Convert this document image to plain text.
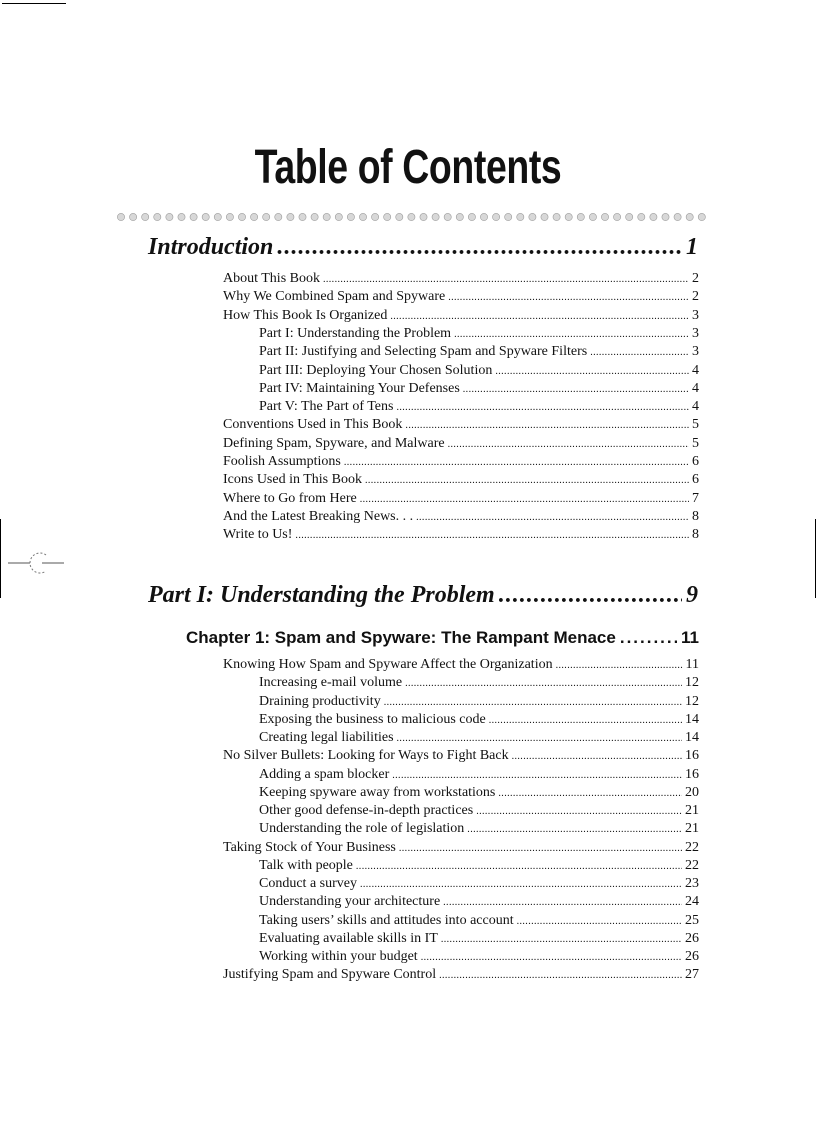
Table of Contents
Introduction .....	1
About This Book .....	2
Why We Combined Spam and Spyware .....	2
How This Book Is Organized .....	3
Part I: Understanding the Problem .....	3
Part II: Justifying and Selecting Spam and Spyware Filters .....	3
Part III: Deploying Your Chosen Solution .....	4
Part IV: Maintaining Your Defenses .....	4
Part V: The Part of Tens .....	4
Conventions Used in This Book .....	5
Defining Spam, Spyware, and Malware .....	5
Foolish Assumptions .....	6
Icons Used in This Book .....	6
Where to Go from Here .....	7
And the Latest Breaking News. . . .....	8
Write to Us! .....	8
Part I: Understanding the Problem .....	9
Chapter 1: Spam and Spyware: The Rampant Menace .....	11
Knowing How Spam and Spyware Affect the Organization .....	11
Increasing e-mail volume .....	12
Draining productivity .....	12
Exposing the business to malicious code .....	14
Creating legal liabilities .....	14
No Silver Bullets: Looking for Ways to Fight Back .....	16
Adding a spam blocker .....	16
Keeping spyware away from workstations .....	20
Other good defense-in-depth practices .....	21
Understanding the role of legislation .....	21
Taking Stock of Your Business .....	22
Talk with people .....	22
Conduct a survey .....	23
Understanding your architecture .....	24
Taking users’ skills and attitudes into account .....	25
Evaluating available skills in IT .....	26
Working within your budget .....	26
Justifying Spam and Spyware Control .....	27
